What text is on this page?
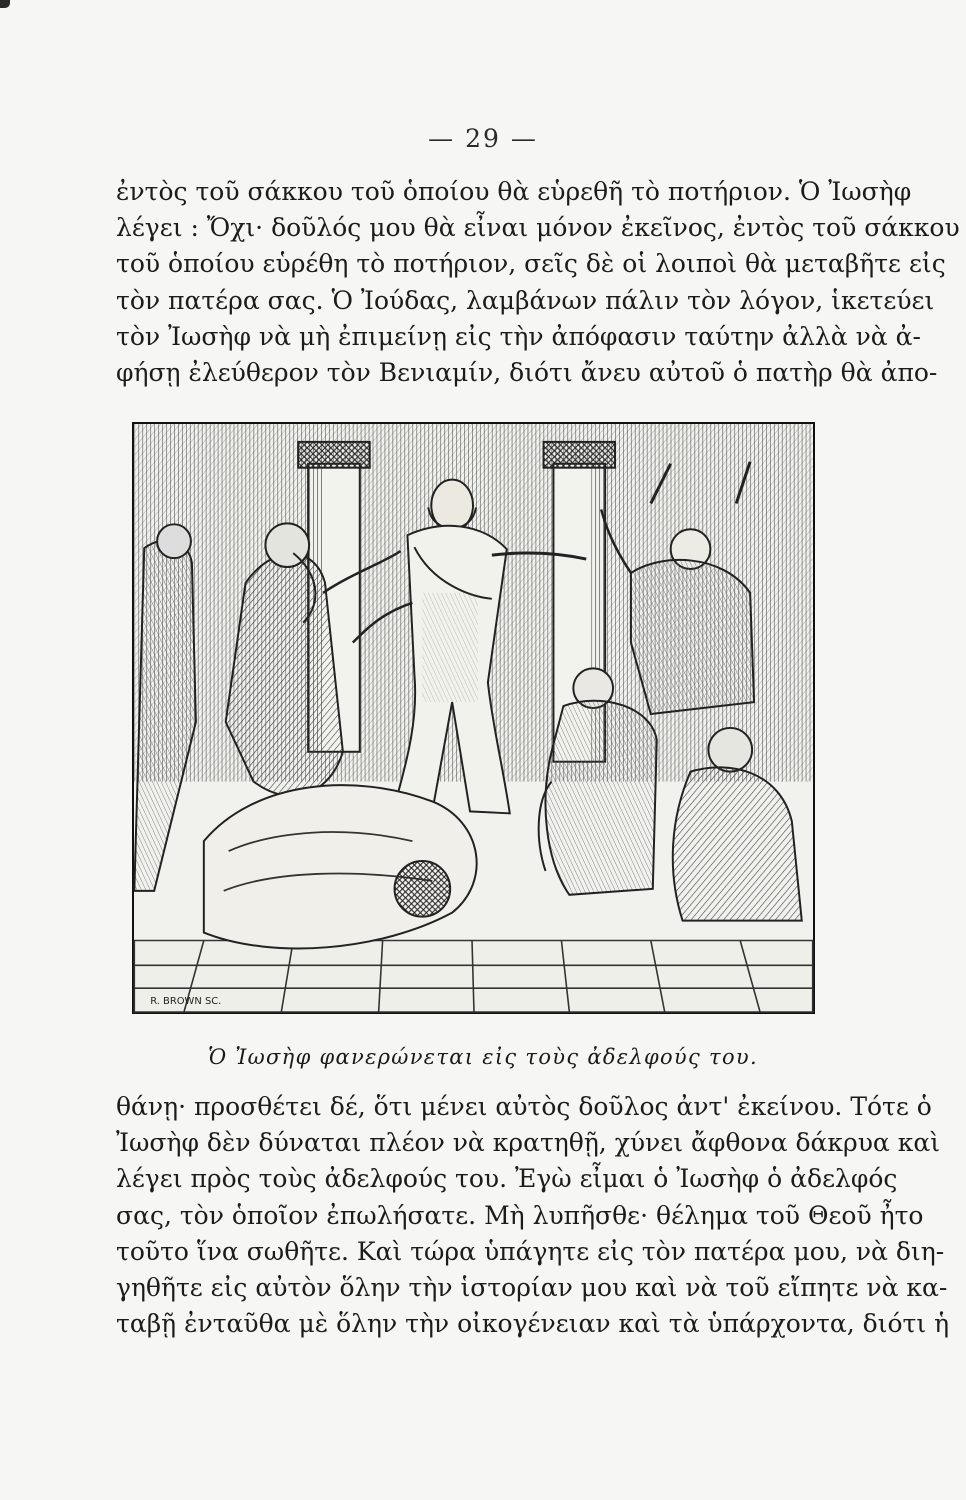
— 29 —
ἐντὸς τοῦ σάκκου τοῦ ὁποίου θὰ εὑρεθῆ τὸ ποτήριον. Ὁ Ἰωσὴφ
λέγει : Ὄχι· δοῦλός μου θὰ εἶναι μόνον ἐκεῖνος, ἐντὸς τοῦ σάκκου
τοῦ ὁποίου εὑρέθη τὸ ποτήριον, σεῖς δὲ οἱ λοιποὶ θὰ μεταβῆτε εἰς
τὸν πατέρα σας. Ὁ Ἰούδας, λαμβάνων πάλιν τὸν λόγον, ἱκετεύει
τὸν Ἰωσὴφ νὰ μὴ ἐπιμείνῃ εἰς τὴν ἀπόφασιν ταύτην ἀλλὰ νὰ ἀ-
φήσῃ ἐλεύθερον τὸν Βενιαμίν, διότι ἄνευ αὐτοῦ ὁ πατὴρ θὰ ἀπο-
R. BROWN SC.
Ὁ Ἰωσὴφ φανερώνεται εἰς τοὺς ἀδελφούς του.
θάνῃ· προσθέτει δέ, ὅτι μένει αὐτὸς δοῦλος ἀντ' ἐκείνου. Τότε ὁ
Ἰωσὴφ δὲν δύναται πλέον νὰ κρατηθῇ, χύνει ἄφθονα δάκρυα καὶ
λέγει πρὸς τοὺς ἀδελφούς του. Ἐγὼ εἶμαι ὁ Ἰωσὴφ ὁ ἀδελφός
σας, τὸν ὁποῖον ἐπωλήσατε. Μὴ λυπῆσθε· θέλημα τοῦ Θεοῦ ἦτο
τοῦτο ἵνα σωθῆτε. Καὶ τώρα ὑπάγητε εἰς τὸν πατέρα μου, νὰ διη-
γηθῆτε εἰς αὐτὸν ὅλην τὴν ἱστορίαν μου καὶ νὰ τοῦ εἴπητε νὰ κα-
ταβῇ ἐνταῦθα μὲ ὅλην τὴν οἰκογένειαν καὶ τὰ ὑπάρχοντα, διότι ἡ
